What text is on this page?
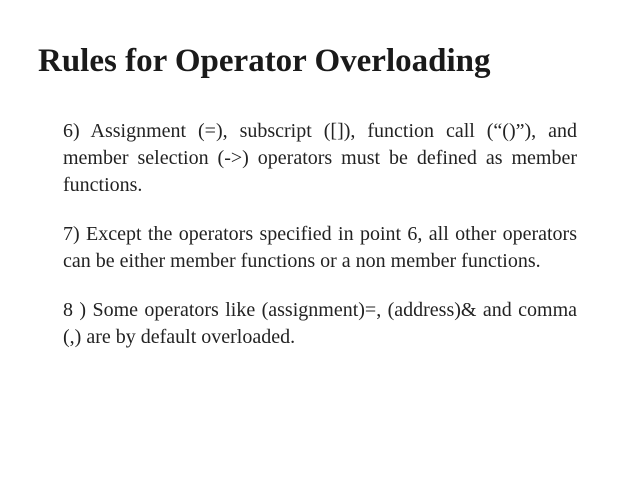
Rules for Operator Overloading

6) Assignment (=), subscript ([]), function call (“()”), and member selection (->) operators must be defined as member functions.

7) Except the operators specified in point 6, all other operators can be either member functions or a non member functions.

8 ) Some operators like (assignment)=, (address)& and comma (,) are by default overloaded.
